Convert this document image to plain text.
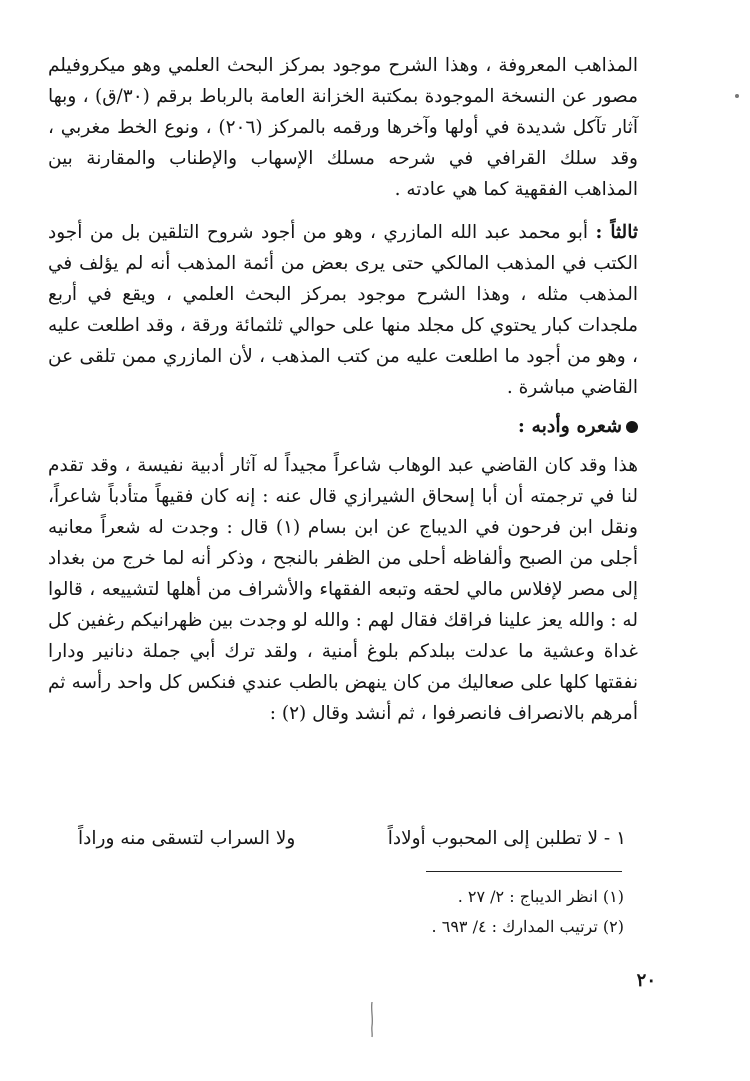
المذاهب المعروفة ، وهذا الشرح موجود بمركز البحث العلمي وهو ميكروفيلم مصور عن النسخة الموجودة بمكتبة الخزانة العامة بالرباط برقم (٣٠/ق) ، وبها آثار تآكل شديدة في أولها وآخرها ورقمه بالمركز (٢٠٦) ، ونوع الخط مغربي ، وقد سلك القرافي في شرحه مسلك الإسهاب والإطناب والمقارنة بين المذاهب الفقهية كما هي عادته .

ثالثاً : أبو محمد عبد الله المازري ، وهو من أجود شروح التلقين بل من أجود الكتب في المذهب المالكي حتى يرى بعض من أئمة المذهب أنه لم يؤلف في المذهب مثله ، وهذا الشرح موجود بمركز البحث العلمي ، ويقع في أربع ملجدات كبار يحتوي كل مجلد منها على حوالي ثلثمائة ورقة ، وقد اطلعت عليه ، وهو من أجود ما اطلعت عليه من كتب المذهب ، لأن المازري ممن تلقى عن القاضي مباشرة .

شعره وأدبه :

هذا وقد كان القاضي عبد الوهاب شاعراً مجيداً له آثار أدبية نفيسة ، وقد تقدم لنا في ترجمته أن أبا إسحاق الشيرازي قال عنه : إنه كان فقيهاً متأدباً شاعراً، ونقل ابن فرحون في الديباج عن ابن بسام (١) قال : وجدت له شعراً معانيه أجلى من الصبح وألفاظه أحلى من الظفر بالنجح ، وذكر أنه لما خرج من بغداد إلى مصر لإفلاس مالي لحقه وتبعه الفقهاء والأشراف من أهلها لتشييعه ، قالوا له : والله يعز علينا فراقك فقال لهم : والله لو وجدت بين ظهرانيكم رغفين كل غداة وعشية ما عدلت ببلدكم بلوغ أمنية ، ولقد ترك أبي جملة دنانير ودارا نفقتها كلها على صعاليك من كان ينهض بالطب عندي فنكس كل واحد رأسه ثم أمرهم بالانصراف فانصرفوا ، ثم أنشد وقال (٢) :

١ - لا تطلبن إلى المحبوب أولاداً
ولا السراب لتسقى منه وراداً

(١) انظر الديباج : ٢/ ٢٧ .

(٢) ترتيب المدارك : ٤/ ٦٩٣ .

٢٠
